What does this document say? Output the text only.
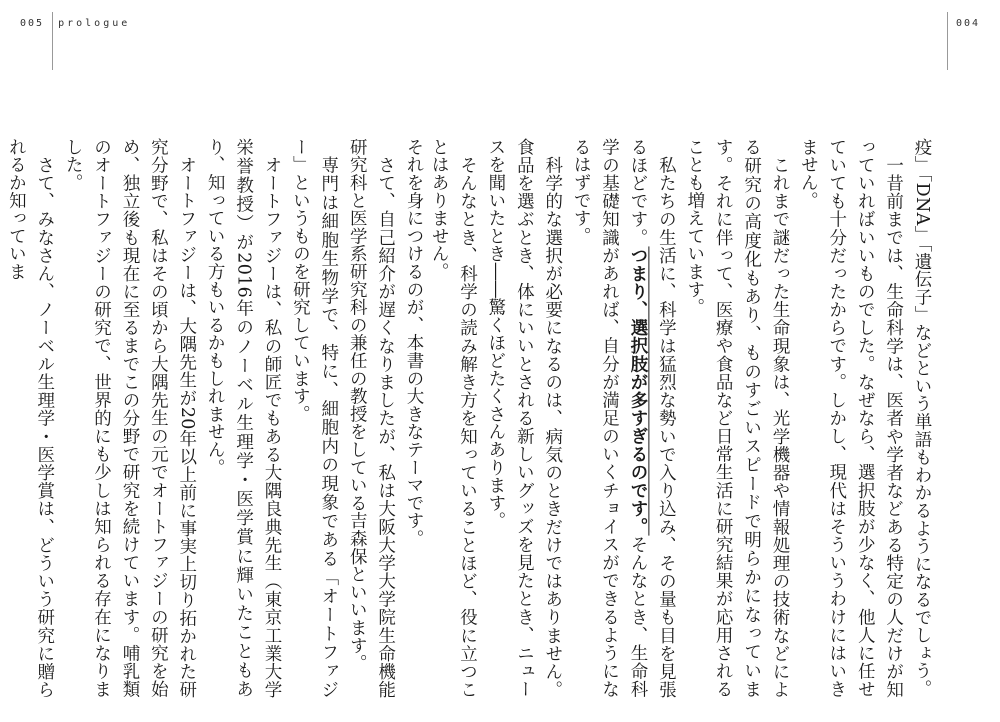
005 prologue	004

疫」「DNA」「遺伝子」などという単語もわかるようになるでしょう。

一昔前までは、生命科学は、医者や学者などある特定の人だけが知っていればいいものでした。なぜなら、選択肢が少なく、他人に任せていても十分だったからです。しかし、現代はそういうわけにはいきません。

これまで謎だった生命現象は、光学機器や情報処理の技術などによる研究の高度化もあり、ものすごいスピードで明らかになっています。それに伴って、医療や食品など日常生活に研究結果が応用されることも増えています。

私たちの生活に、科学は猛烈な勢いで入り込み、その量も目を見張るほどです。つまり、選択肢が多すぎるのです。そんなとき、生命科学の基礎知識があれば、自分が満足のいくチョイスができるようになるはずです。

科学的な選択が必要になるのは、病気のときだけではありません。食品を選ぶとき、体にいいとされる新しいグッズを見たとき、ニュースを聞いたとき――驚くほどたくさんあります。

そんなとき、科学の読み解き方を知っていることほど、役に立つことはありません。

それを身につけるのが、本書の大きなテーマです。

さて、自己紹介が遅くなりましたが、私は大阪大学大学院生命機能研究科と医学系研究科の兼任の教授をしている吉森保といいます。

専門は細胞生物学で、特に、細胞内の現象である「オートファジー」というものを研究しています。

オートファジーは、私の師匠でもある大隅良典先生（東京工業大学栄誉教授）が2016年のノーベル生理学・医学賞に輝いたこともあり、知っている方もいるかもしれません。

オートファジーは、大隅先生が20年以上前に事実上切り拓かれた研究分野で、私はその頃から大隅先生の元でオートファジーの研究を始め、独立後も現在に至るまでこの分野で研究を続けています。哺乳類のオートファジーの研究で、世界的にも少しは知られる存在になりました。

さて、みなさん、ノーベル生理学・医学賞は、どういう研究に贈られるか知っていま
